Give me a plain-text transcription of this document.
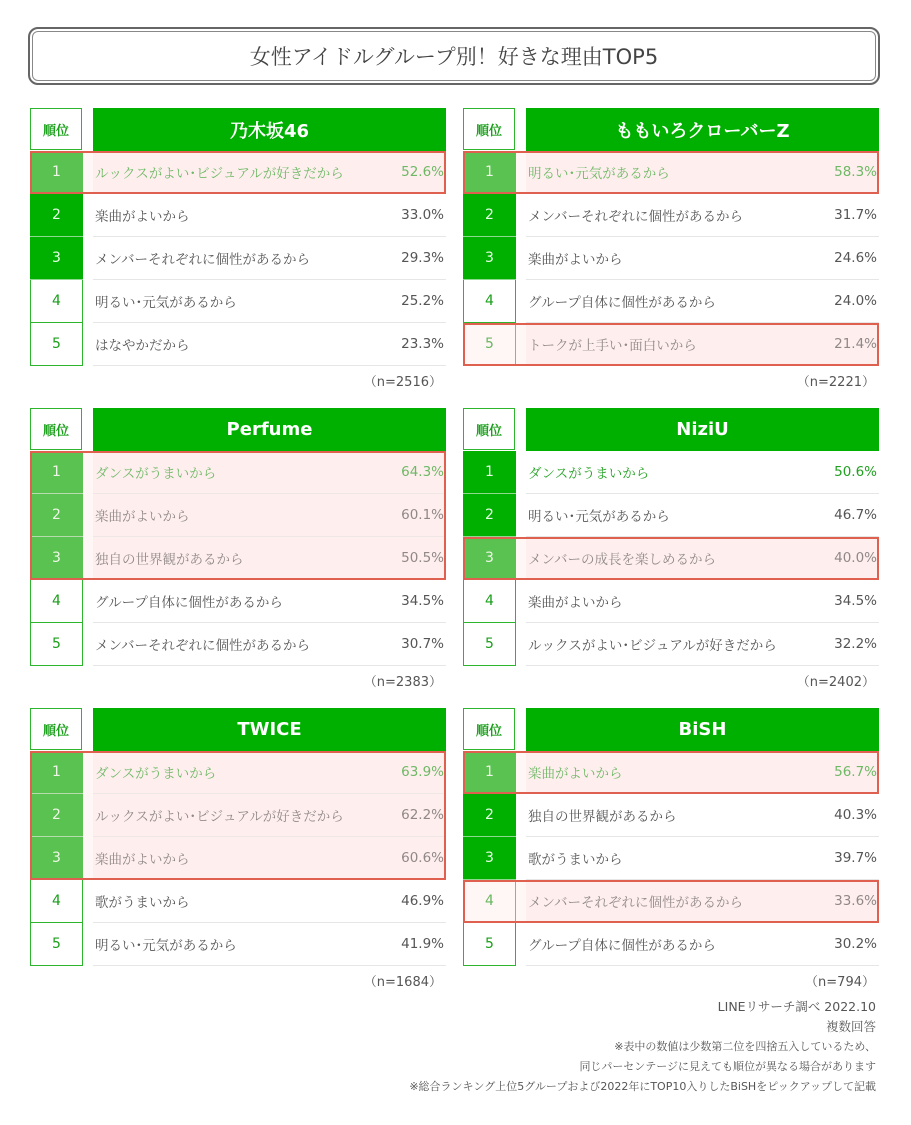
女性アイドルグループ別！好きな理由TOP5
順位	乃木坂46
1	ルックスがよい･ビジュアルが好きだから	52.6%
2	楽曲がよいから	33.0%
3	メンバーそれぞれに個性があるから	29.3%
4	明るい･元気があるから	25.2%
5	はなやかだから	23.3%
（n=2516）
順位	ももいろクローバーZ
1	明るい･元気があるから	58.3%
2	メンバーそれぞれに個性があるから	31.7%
3	楽曲がよいから	24.6%
4	グループ自体に個性があるから	24.0%
5	トークが上手い･面白いから	21.4%
（n=2221）
順位	Perfume
1	ダンスがうまいから	64.3%
2	楽曲がよいから	60.1%
3	独自の世界観があるから	50.5%
4	グループ自体に個性があるから	34.5%
5	メンバーそれぞれに個性があるから	30.7%
（n=2383）
順位	NiziU
1	ダンスがうまいから	50.6%
2	明るい･元気があるから	46.7%
3	メンバーの成長を楽しめるから	40.0%
4	楽曲がよいから	34.5%
5	ルックスがよい･ビジュアルが好きだから	32.2%
（n=2402）
順位	TWICE
1	ダンスがうまいから	63.9%
2	ルックスがよい･ビジュアルが好きだから	62.2%
3	楽曲がよいから	60.6%
4	歌がうまいから	46.9%
5	明るい･元気があるから	41.9%
（n=1684）
順位	BiSH
1	楽曲がよいから	56.7%
2	独自の世界観があるから	40.3%
3	歌がうまいから	39.7%
4	メンバーそれぞれに個性があるから	33.6%
5	グループ自体に個性があるから	30.2%
（n=794）
LINEリサーチ調べ 2022.10
複数回答
※表中の数値は少数第二位を四捨五入しているため、
同じパーセンテージに見えても順位が異なる場合があります
※総合ランキング上位5グループおよび2022年にTOP10入りしたBiSHをピックアップして記載
